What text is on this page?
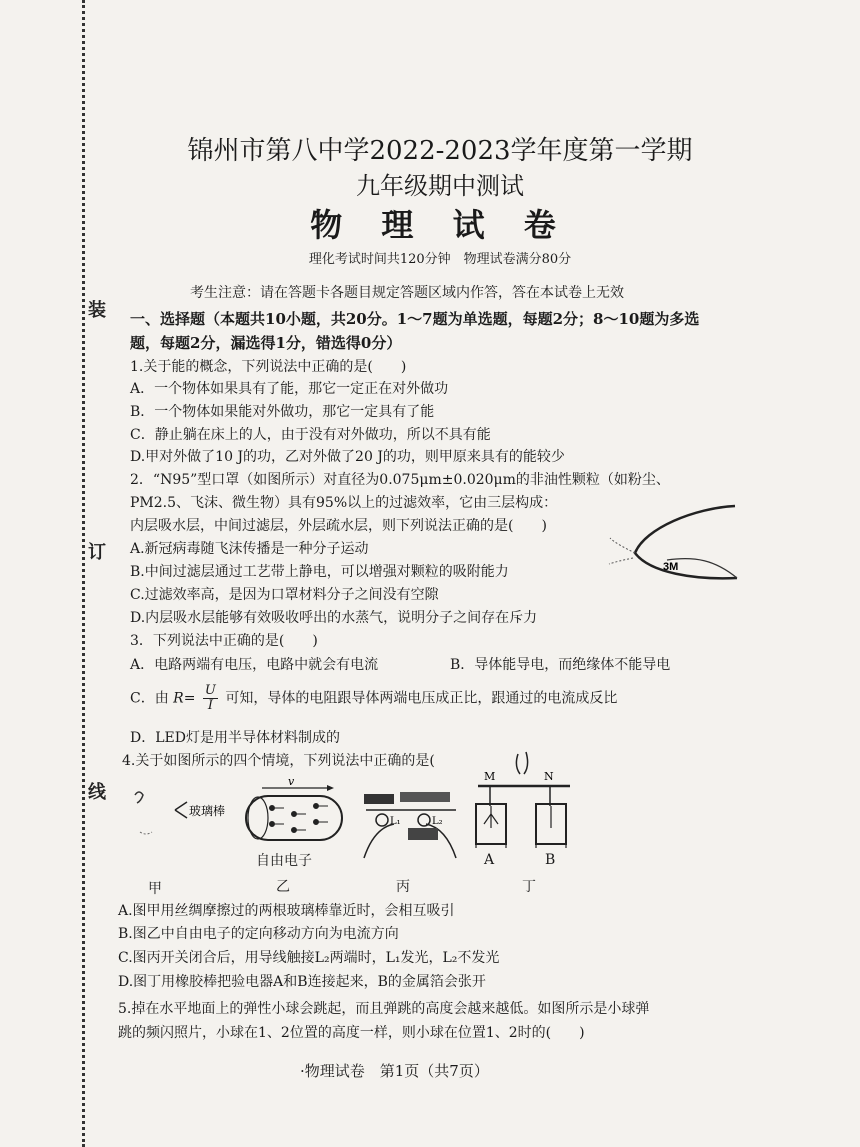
装
订
线
锦州市第八中学2022-2023学年度第一学期
九年级期中测试
物 理 试 卷
理化考试时间共120分钟　物理试卷满分80分
考生注意：请在答题卡各题目规定答题区域内作答，答在本试卷上无效
一、选择题（本题共10小题，共20分。1～7题为单选题，每题2分；8～10题为多选
题，每题2分，漏选得1分，错选得0分）
1.关于能的概念，下列说法中正确的是(　　)
A．一个物体如果具有了能，那它一定正在对外做功
B．一个物体如果能对外做功，那它一定具有了能
C．静止躺在床上的人，由于没有对外做功，所以不具有能
D.甲对外做了10 J的功，乙对外做了20 J的功，则甲原来具有的能较少
2．“N95”型口罩（如图所示）对直径为0.075μm±0.020μm的非油性颗粒（如粉尘、
PM2.5、飞沫、微生物）具有95%以上的过滤效率，它由三层构成：
内层吸水层，中间过滤层，外层疏水层，则下列说法正确的是(　　)
A.新冠病毒随飞沫传播是一种分子运动
B.中间过滤层通过工艺带上静电，可以增强对颗粒的吸附能力
C.过滤效率高，是因为口罩材料分子之间没有空隙
D.内层吸水层能够有效吸收呼出的水蒸气，说明分子之间存在斥力
3M
3．下列说法中正确的是(　　)
A．电路两端有电压，电路中就会有电流	B．导体能导电，而绝缘体不能导电
C．由 $R= \frac{U}{I}$ 可知，导体的电阻跟导体两端电压成正比，跟通过的电流成反比
D．LED灯是用半导体材料制成的
4.关于如图所示的四个情境，下列说法中正确的是(
玻璃棒
v
自由电子
L₁	L₂
M	N
A	B
甲	乙	丙	丁
A.图甲用丝绸摩擦过的两根玻璃棒靠近时，会相互吸引
B.图乙中自由电子的定向移动方向为电流方向
C.图丙开关闭合后，用导线触接L₂两端时，L₁发光，L₂不发光
D.图丁用橡胶棒把验电器A和B连接起来，B的金属箔会张开
5.掉在水平地面上的弹性小球会跳起，而且弹跳的高度会越来越低。如图所示是小球弹
跳的频闪照片，小球在1、2位置的高度一样，则小球在位置1、2时的(　　)
·物理试卷　第1页（共7页）
